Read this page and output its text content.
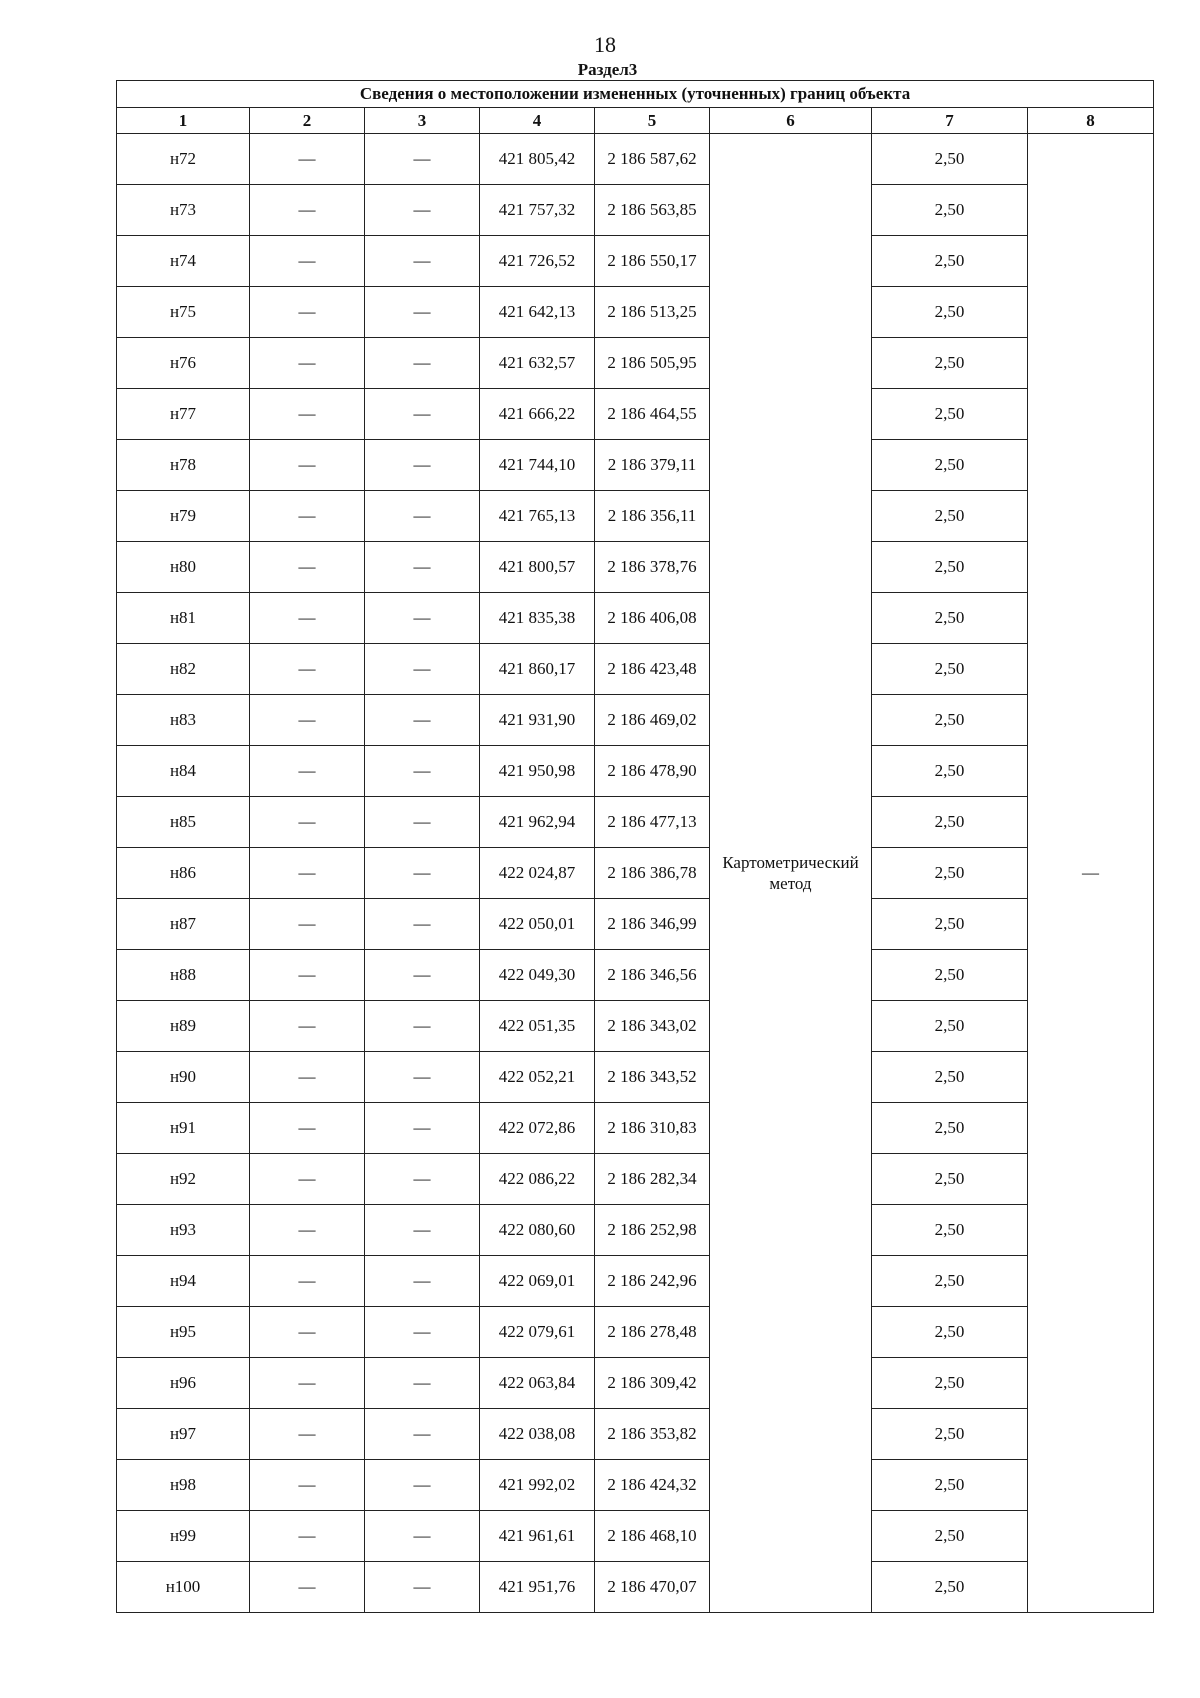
18
Раздел3
Сведения о местоположении измененных (уточненных) границ объекта							
1	2	3	4	5	6	7	8
н72	—	—	421 805,42	2 186 587,62	Картометрический метод	2,50	—
н73	—	—	421 757,32	2 186 563,85		2,50	
н74	—	—	421 726,52	2 186 550,17		2,50	
н75	—	—	421 642,13	2 186 513,25		2,50	
н76	—	—	421 632,57	2 186 505,95		2,50	
н77	—	—	421 666,22	2 186 464,55		2,50	
н78	—	—	421 744,10	2 186 379,11		2,50	
н79	—	—	421 765,13	2 186 356,11		2,50	
н80	—	—	421 800,57	2 186 378,76		2,50	
н81	—	—	421 835,38	2 186 406,08		2,50	
н82	—	—	421 860,17	2 186 423,48		2,50	
н83	—	—	421 931,90	2 186 469,02		2,50	
н84	—	—	421 950,98	2 186 478,90		2,50	
н85	—	—	421 962,94	2 186 477,13		2,50	
н86	—	—	422 024,87	2 186 386,78		2,50	
н87	—	—	422 050,01	2 186 346,99		2,50	
н88	—	—	422 049,30	2 186 346,56		2,50	
н89	—	—	422 051,35	2 186 343,02		2,50	
н90	—	—	422 052,21	2 186 343,52		2,50	
н91	—	—	422 072,86	2 186 310,83		2,50	
н92	—	—	422 086,22	2 186 282,34		2,50	
н93	—	—	422 080,60	2 186 252,98		2,50	
н94	—	—	422 069,01	2 186 242,96		2,50	
н95	—	—	422 079,61	2 186 278,48		2,50	
н96	—	—	422 063,84	2 186 309,42		2,50	
н97	—	—	422 038,08	2 186 353,82		2,50	
н98	—	—	421 992,02	2 186 424,32		2,50	
н99	—	—	421 961,61	2 186 468,10		2,50	
н100	—	—	421 951,76	2 186 470,07		2,50	
